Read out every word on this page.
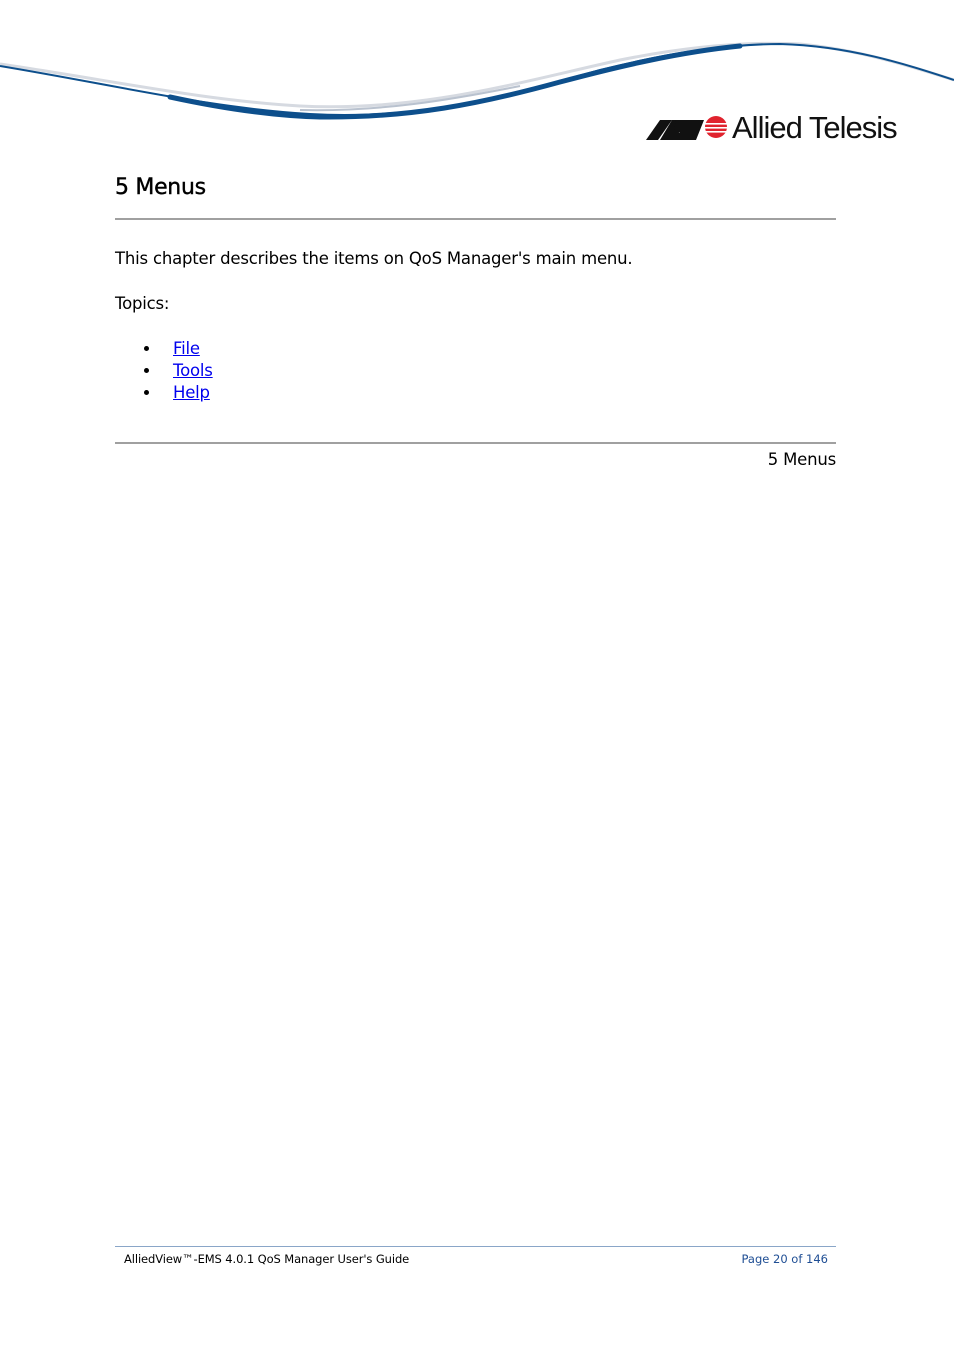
Allied Telesis
5 Menus

This chapter describes the items on QoS Manager's main menu.

Topics:

File
Tools
Help
5 Menus
AlliedView™-EMS 4.0.1 QoS Manager User's Guide	Page 20 of 146
